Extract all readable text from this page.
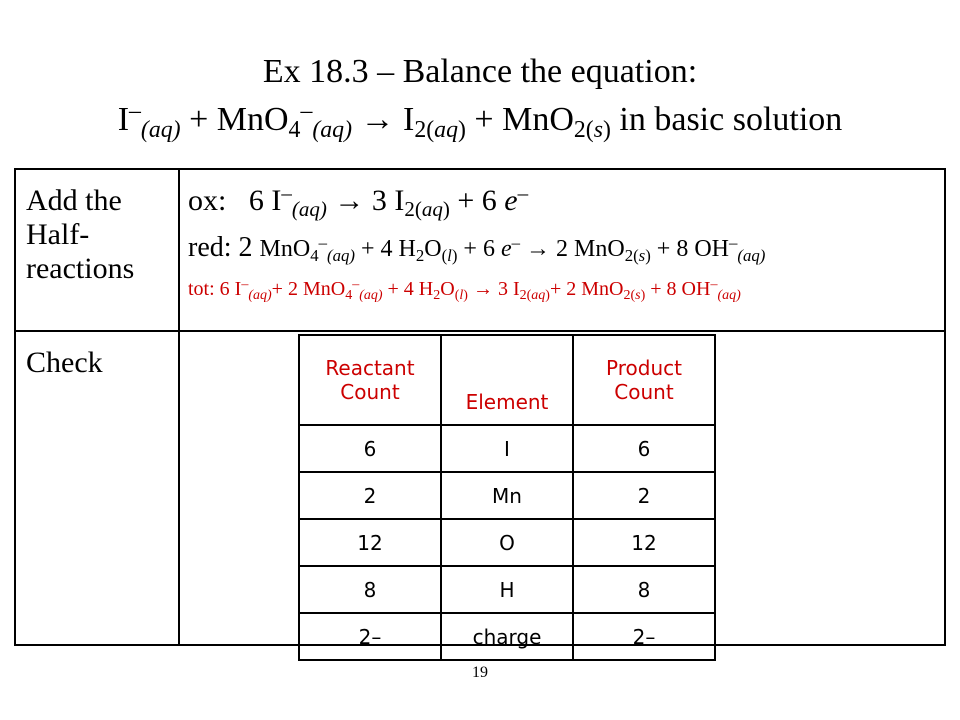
Ex 18.3 – Balance the equation:
$I^-_{(aq)} + MnO_4^-_{(aq)} \to I_{2(aq)} + MnO_{2(s)}$ in basic solution
Add the Half-reactions
ox:   6 $I^-_{(aq)} \to 3$ $I_{2(aq)} + 6$ e–
red: 2 MnO$_4$–$_{(aq)}$ + 4 $H_2O_{(l)} + 6$ e– → 2 MnO$_{2(s)}$ + 8 $OH^-_{(aq)}$
tot: 6 $I^-_{(aq)}+ 2$ MnO$_4$–$_{(aq)}$ + 4 $H_2O_{(l)} \to 3$ $I_{2(aq)}+ 2$ MnO$_{2(s)}$ + 8 $OH^-_{(aq)}$
Check	Reactant Count	Element	Product Count
6	I	6
2	Mn	2
12	O	12
8	H	8
2–	charge	2–
19
